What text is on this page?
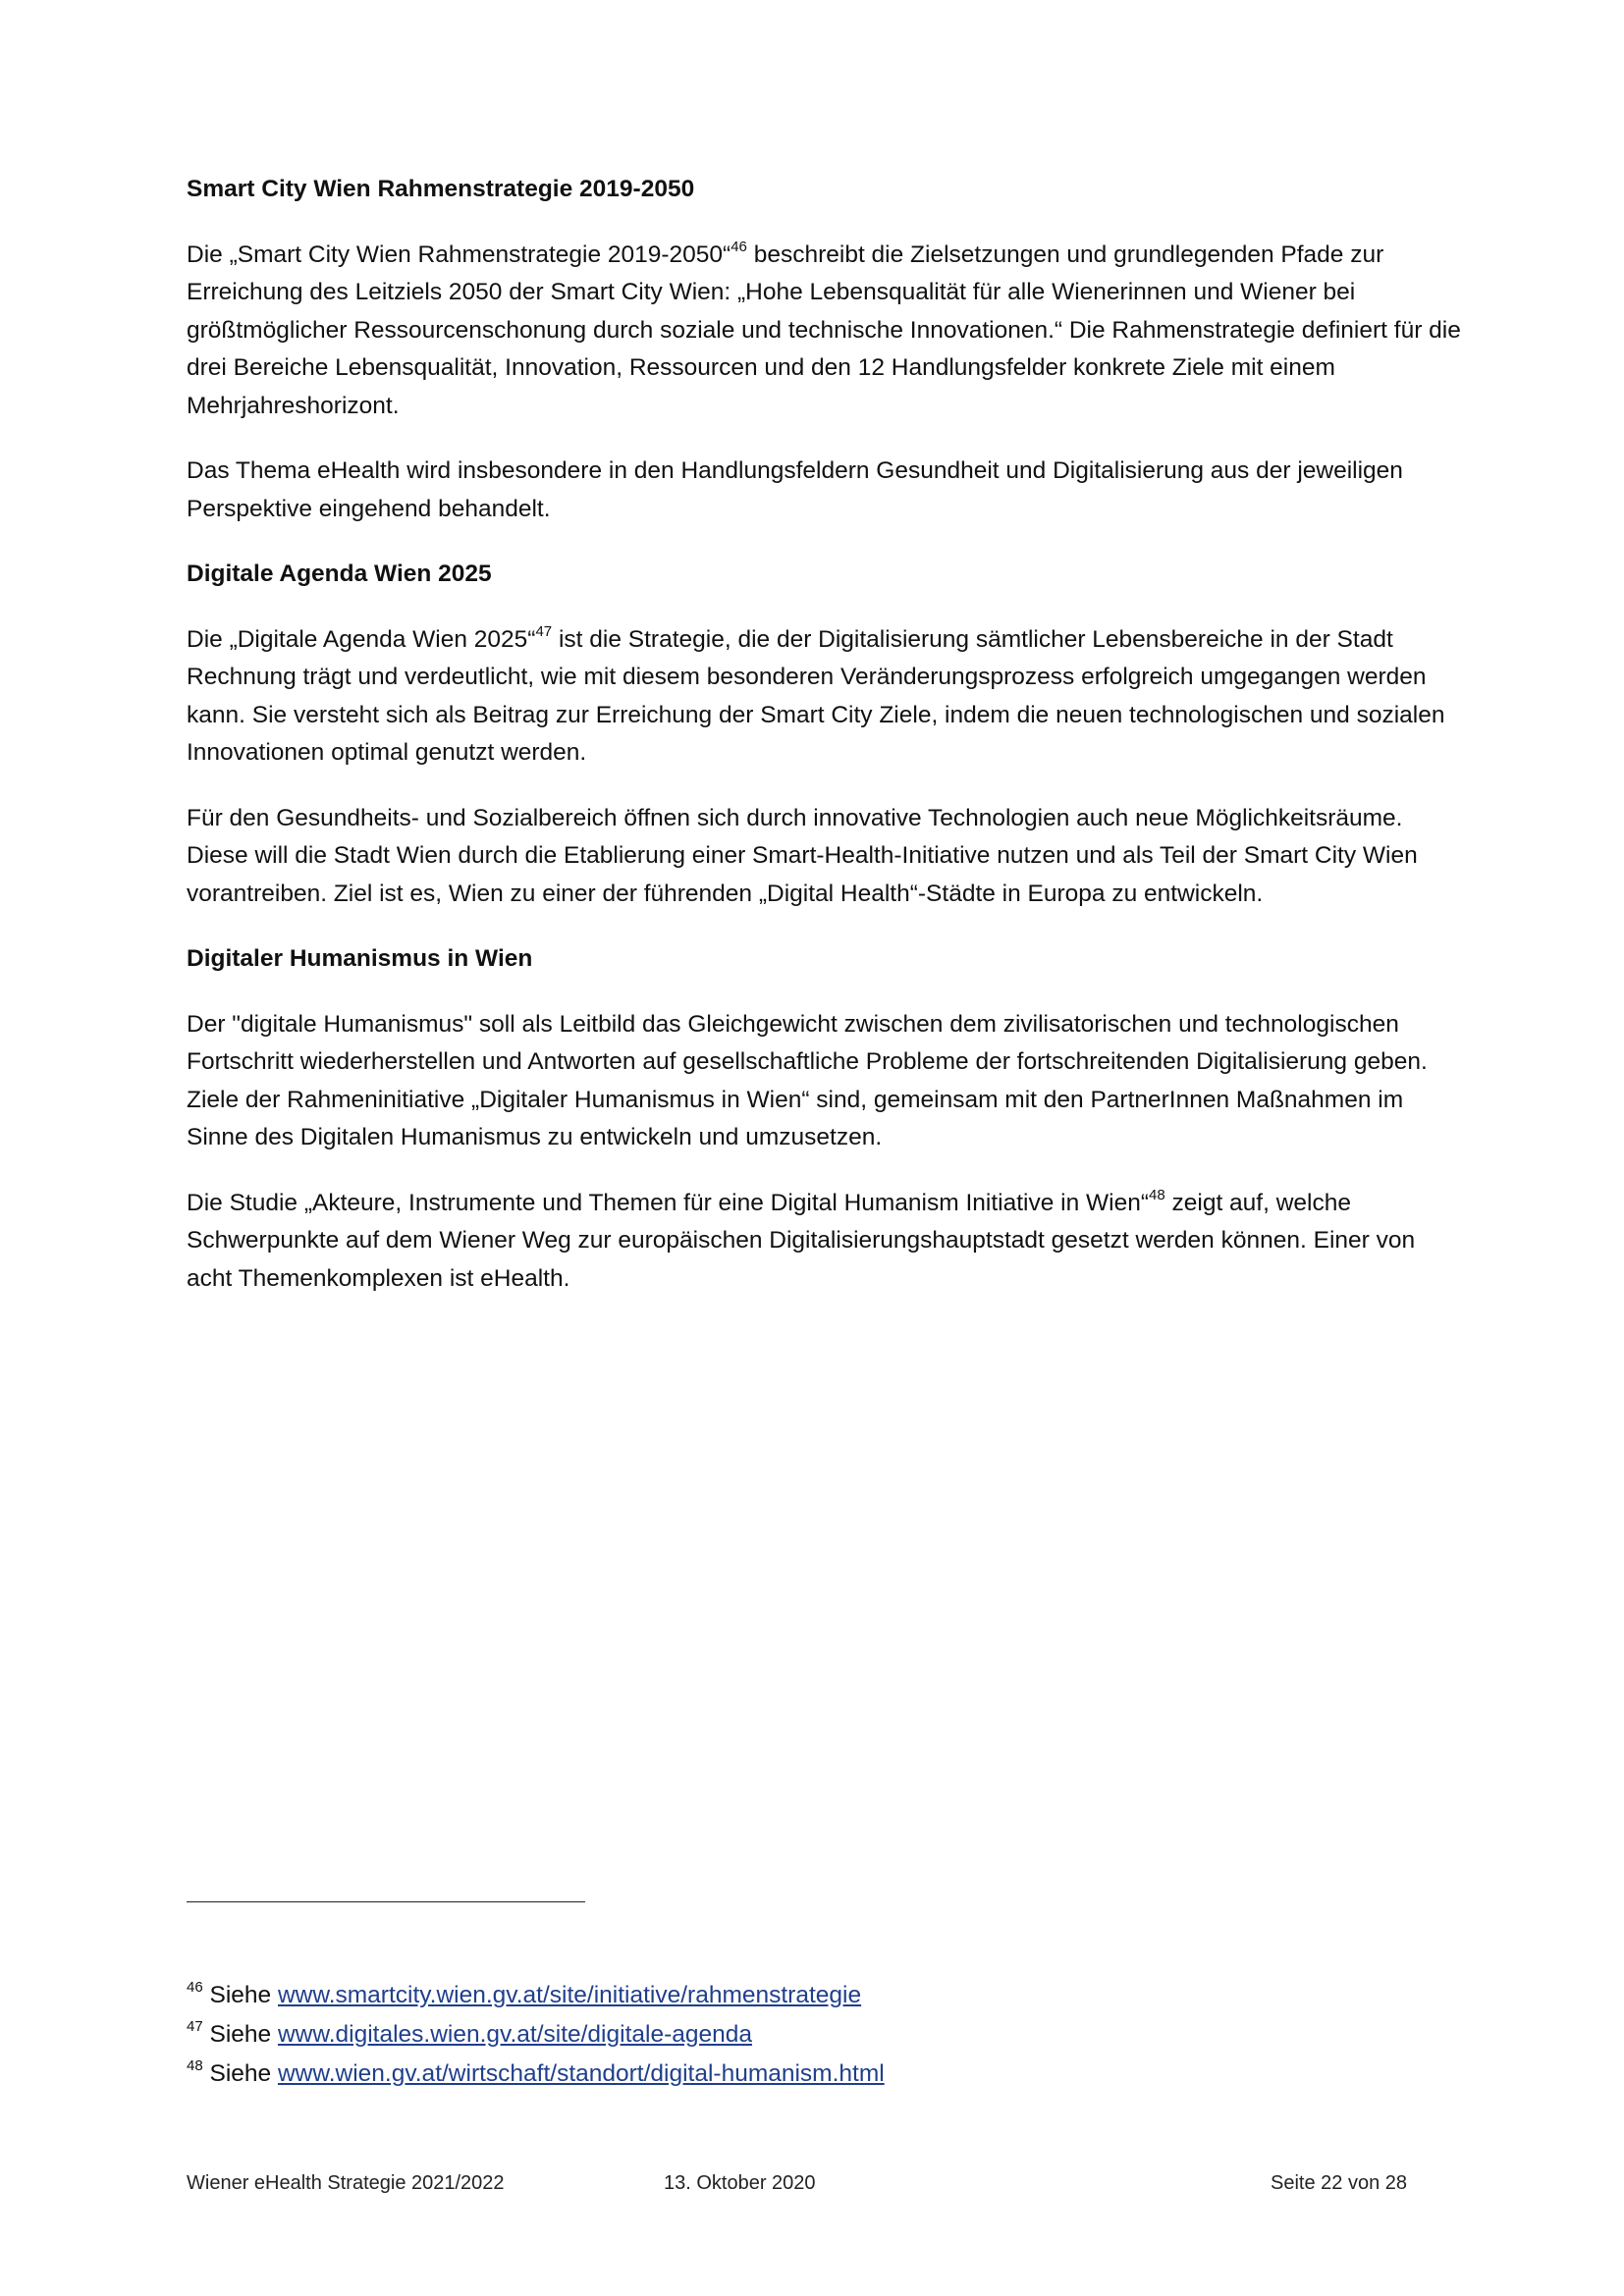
Smart City Wien Rahmenstrategie 2019-2050

Die „Smart City Wien Rahmenstrategie 2019-2050“$^{46}$ beschreibt die Zielsetzungen und grundlegenden Pfade zur Erreichung des Leitziels 2050 der Smart City Wien: „Hohe Lebensqualität für alle Wienerinnen und Wiener bei größtmöglicher Ressourcenschonung durch soziale und technische Innovationen.“ Die Rahmenstrategie definiert für die drei Bereiche Lebensqualität, Innovation, Ressourcen und den 12 Handlungsfelder konkrete Ziele mit einem Mehrjahreshorizont.

Das Thema eHealth wird insbesondere in den Handlungsfeldern Gesundheit und Digitalisierung aus der jeweiligen Perspektive eingehend behandelt.

Digitale Agenda Wien 2025

Die „Digitale Agenda Wien 2025“$^{47}$ ist die Strategie, die der Digitalisierung sämtlicher Lebensbereiche in der Stadt Rechnung trägt und verdeutlicht, wie mit diesem besonderen Veränderungsprozess erfolgreich umgegangen werden kann. Sie versteht sich als Beitrag zur Erreichung der Smart City Ziele, indem die neuen technologischen und sozialen Innovationen optimal genutzt werden.

Für den Gesundheits- und Sozialbereich öffnen sich durch innovative Technologien auch neue Möglichkeitsräume. Diese will die Stadt Wien durch die Etablierung einer Smart-Health-Initiative nutzen und als Teil der Smart City Wien vorantreiben. Ziel ist es, Wien zu einer der führenden „Digital Health“-Städte in Europa zu entwickeln.

Digitaler Humanismus in Wien

Der "digitale Humanismus" soll als Leitbild das Gleichgewicht zwischen dem zivilisatorischen und technologischen Fortschritt wiederherstellen und Antworten auf gesellschaftliche Probleme der fortschreitenden Digitalisierung geben. Ziele der Rahmeninitiative „Digitaler Humanismus in Wien“ sind, gemeinsam mit den PartnerInnen Maßnahmen im Sinne des Digitalen Humanismus zu entwickeln und umzusetzen.

Die Studie „Akteure, Instrumente und Themen für eine Digital Humanism Initiative in Wien“$^{48}$ zeigt auf, welche Schwerpunkte auf dem Wiener Weg zur europäischen Digitalisierungshauptstadt gesetzt werden können. Einer von acht Themenkomplexen ist eHealth.

$^{46}$ Siehe www.smartcity.wien.gv.at/site/initiative/rahmenstrategie
$^{47}$ Siehe www.digitales.wien.gv.at/site/digitale-agenda
$^{48}$ Siehe www.wien.gv.at/wirtschaft/standort/digital-humanism.html
Wiener eHealth Strategie 2021/2022	13. Oktober 2020	Seite 22 von 28
